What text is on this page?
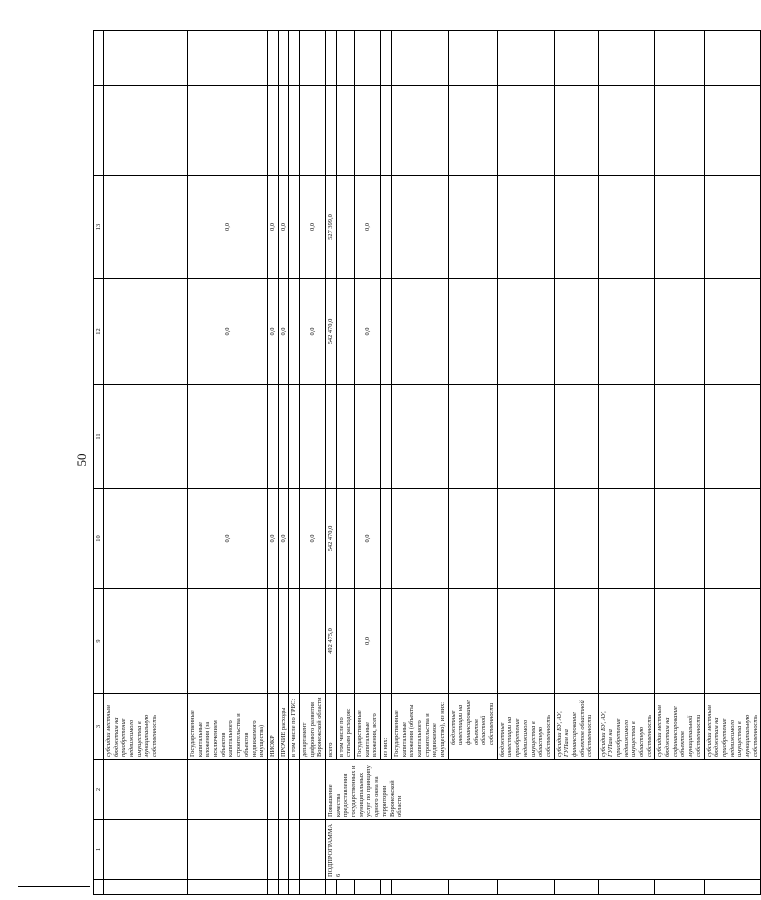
50
	1	2	3	9	10	11	12	13		
			субсидии местным бюджетам на приобретение недвижимого имущества в муниципальную собственность							
			Государственные капитальные вложения (за исключением объектов капитального строительства и объектов недвижимого имущества)		0,0		0,0	0,0		
			НИОКР		0,0		0,0	0,0		
			ПРОЧИЕ расходы		0,0		0,0	0,0		
			в том числе по ГРБС:							
			департамент цифрового развития Воронежской области		0,0		0,0	0,0		
	ПОДПРОГРАММА 6	Повышение качества предоставления государственных и муниципальных услуг по принципу одного окна на территории Воронежской области	всего	492 475,0	542 470,0		542 470,0	527 399,0		
			в том числе по статьям расходов:							
			Государственные капитальные вложения, всего	0,0	0,0		0,0	0,0		
			из них:							
			Государственные капитальные вложения (объекты капитального строительства и недвижимое имущество), из них:							
			бюджетные инвестиции на финансирование объектов областной собственности							
			бюджетные инвестиции на приобретение недвижимого имущества в областную собственность							
			субсидии БУ, АУ, ГУПам на финансирование объектов областной собственности							
			субсидии БУ, АУ, ГУПам на приобретение недвижимого имущества в областную собственность							
			субсидии местным бюджетам на софинансирование объектов муниципальной собственности							
			субсидии местным бюджетам на приобретение недвижимого имущества в муниципальную собственность							
